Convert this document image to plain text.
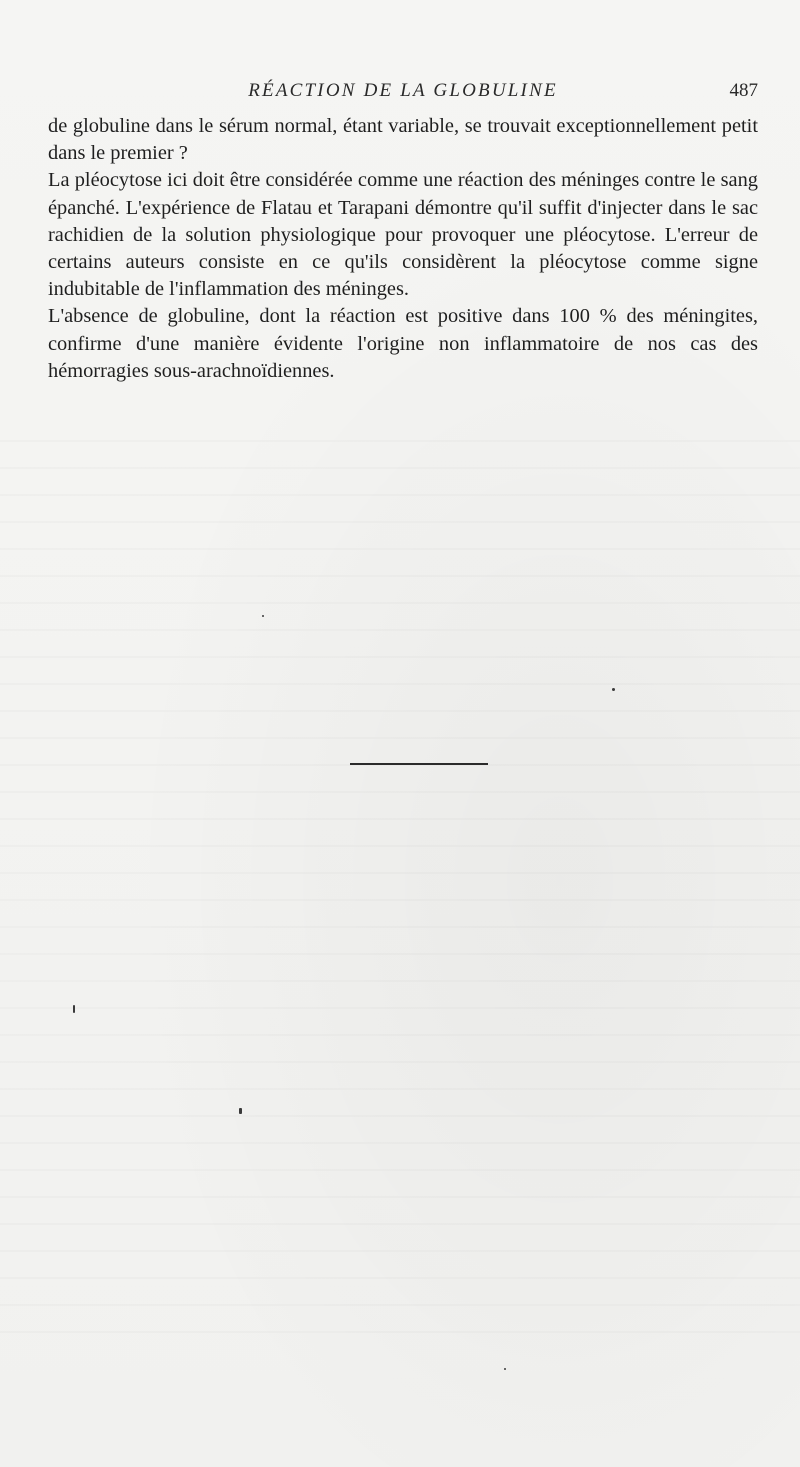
RÉACTION DE LA GLOBULINE	487

de globuline dans le sérum normal, étant variable, se trouvait exceptionnellement petit dans le premier ?

La pléocytose ici doit être considérée comme une réaction des méninges contre le sang épanché. L'expérience de Flatau et Tarapani démontre qu'il suffit d'injecter dans le sac rachidien de la solution physiologique pour provoquer une pléocytose. L'erreur de certains auteurs consiste en ce qu'ils considèrent la pléocytose comme signe indubitable de l'inflammation des méninges.

L'absence de globuline, dont la réaction est positive dans 100 % des méningites, confirme d'une manière évidente l'origine non inflammatoire de nos cas des hémorragies sous-arachnoïdiennes.
